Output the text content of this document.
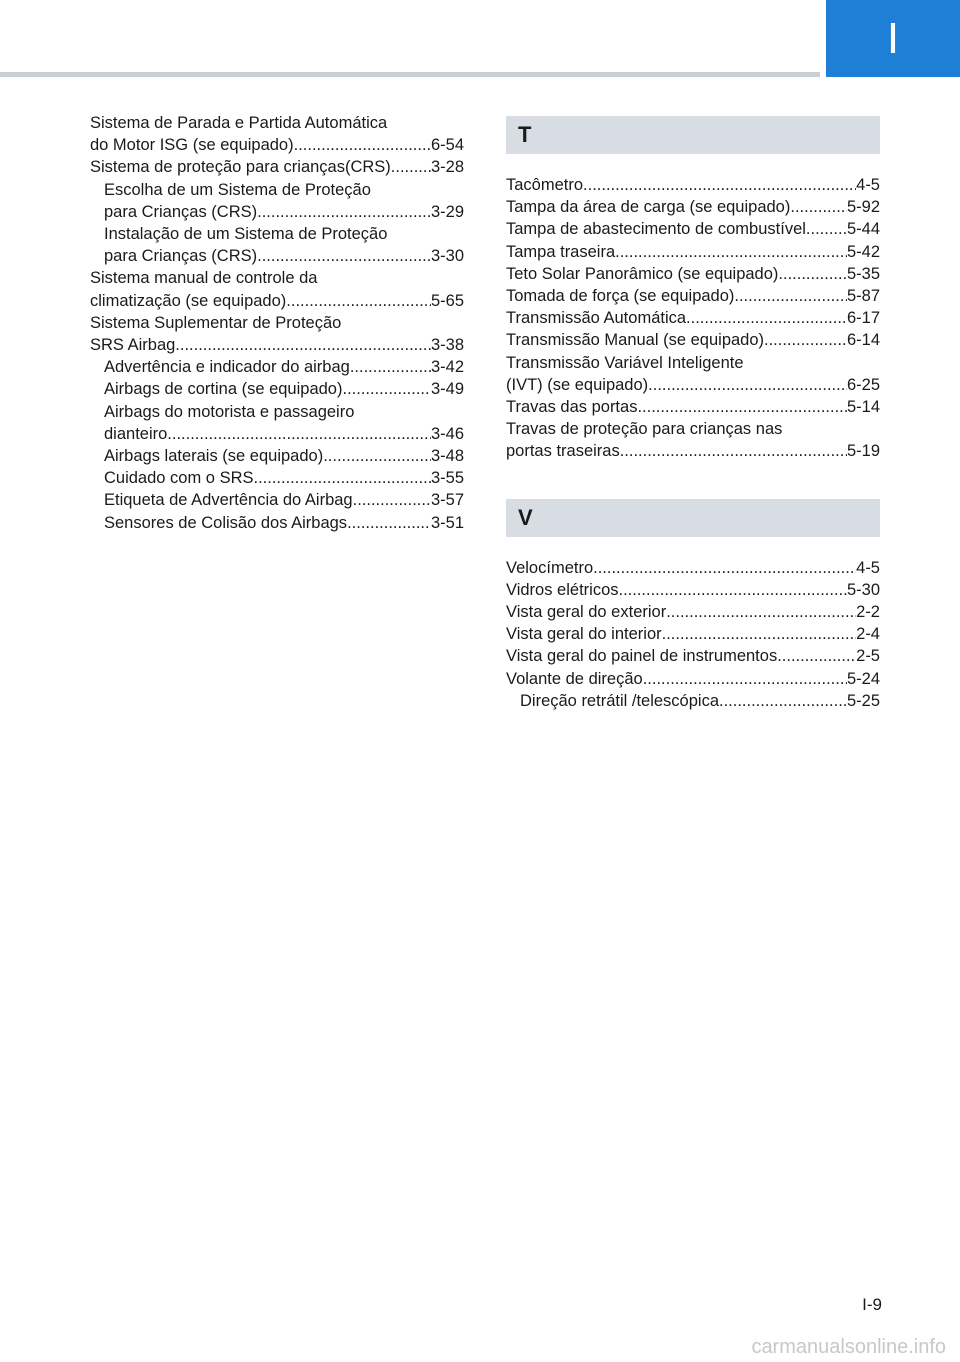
I
Sistema de Parada e Partida Automática
do Motor ISG (se equipado) .....	6-54
Sistema de proteção para crianças(CRS) ..... 3-28
Escolha de um Sistema de Proteção
para Crianças (CRS) .....	3-29
Instalação de um Sistema de Proteção
para Crianças (CRS) .....	3-30
Sistema manual de controle da
climatização (se equipado) .....	5-65
Sistema Suplementar de Proteção
SRS Airbag .....	3-38
Advertência e indicador do airbag .....	3-42
Airbags de cortina (se equipado) .....	3-49
Airbags do motorista e passageiro
dianteiro .....	3-46
Airbags laterais (se equipado) .....	3-48
Cuidado com o SRS .....	3-55
Etiqueta de Advertência do Airbag .....	3-57
Sensores de Colisão dos Airbags .....	3-51
T
Tacômetro .....	4-5
Tampa da área de carga (se equipado) .....	5-92
Tampa de abastecimento de combustível ..... 5-44
Tampa traseira .....	5-42
Teto Solar Panorâmico (se equipado) .....	5-35
Tomada de força (se equipado) .....	5-87
Transmissão Automática .....	6-17
Transmissão Manual (se equipado) .....	6-14
Transmissão Variável Inteligente
(IVT) (se equipado) .....	6-25
Travas das portas .....	5-14
Travas de proteção para crianças nas
portas traseiras .....	5-19
V
Velocímetro .....	4-5
Vidros elétricos .....	5-30
Vista geral do exterior .....	2-2
Vista geral do interior .....	2-4
Vista geral do painel de instrumentos .....	2-5
Volante de direção .....	5-24
Direção retrátil /telescópica .....	5-25
I-9
carmanualsonline.info
